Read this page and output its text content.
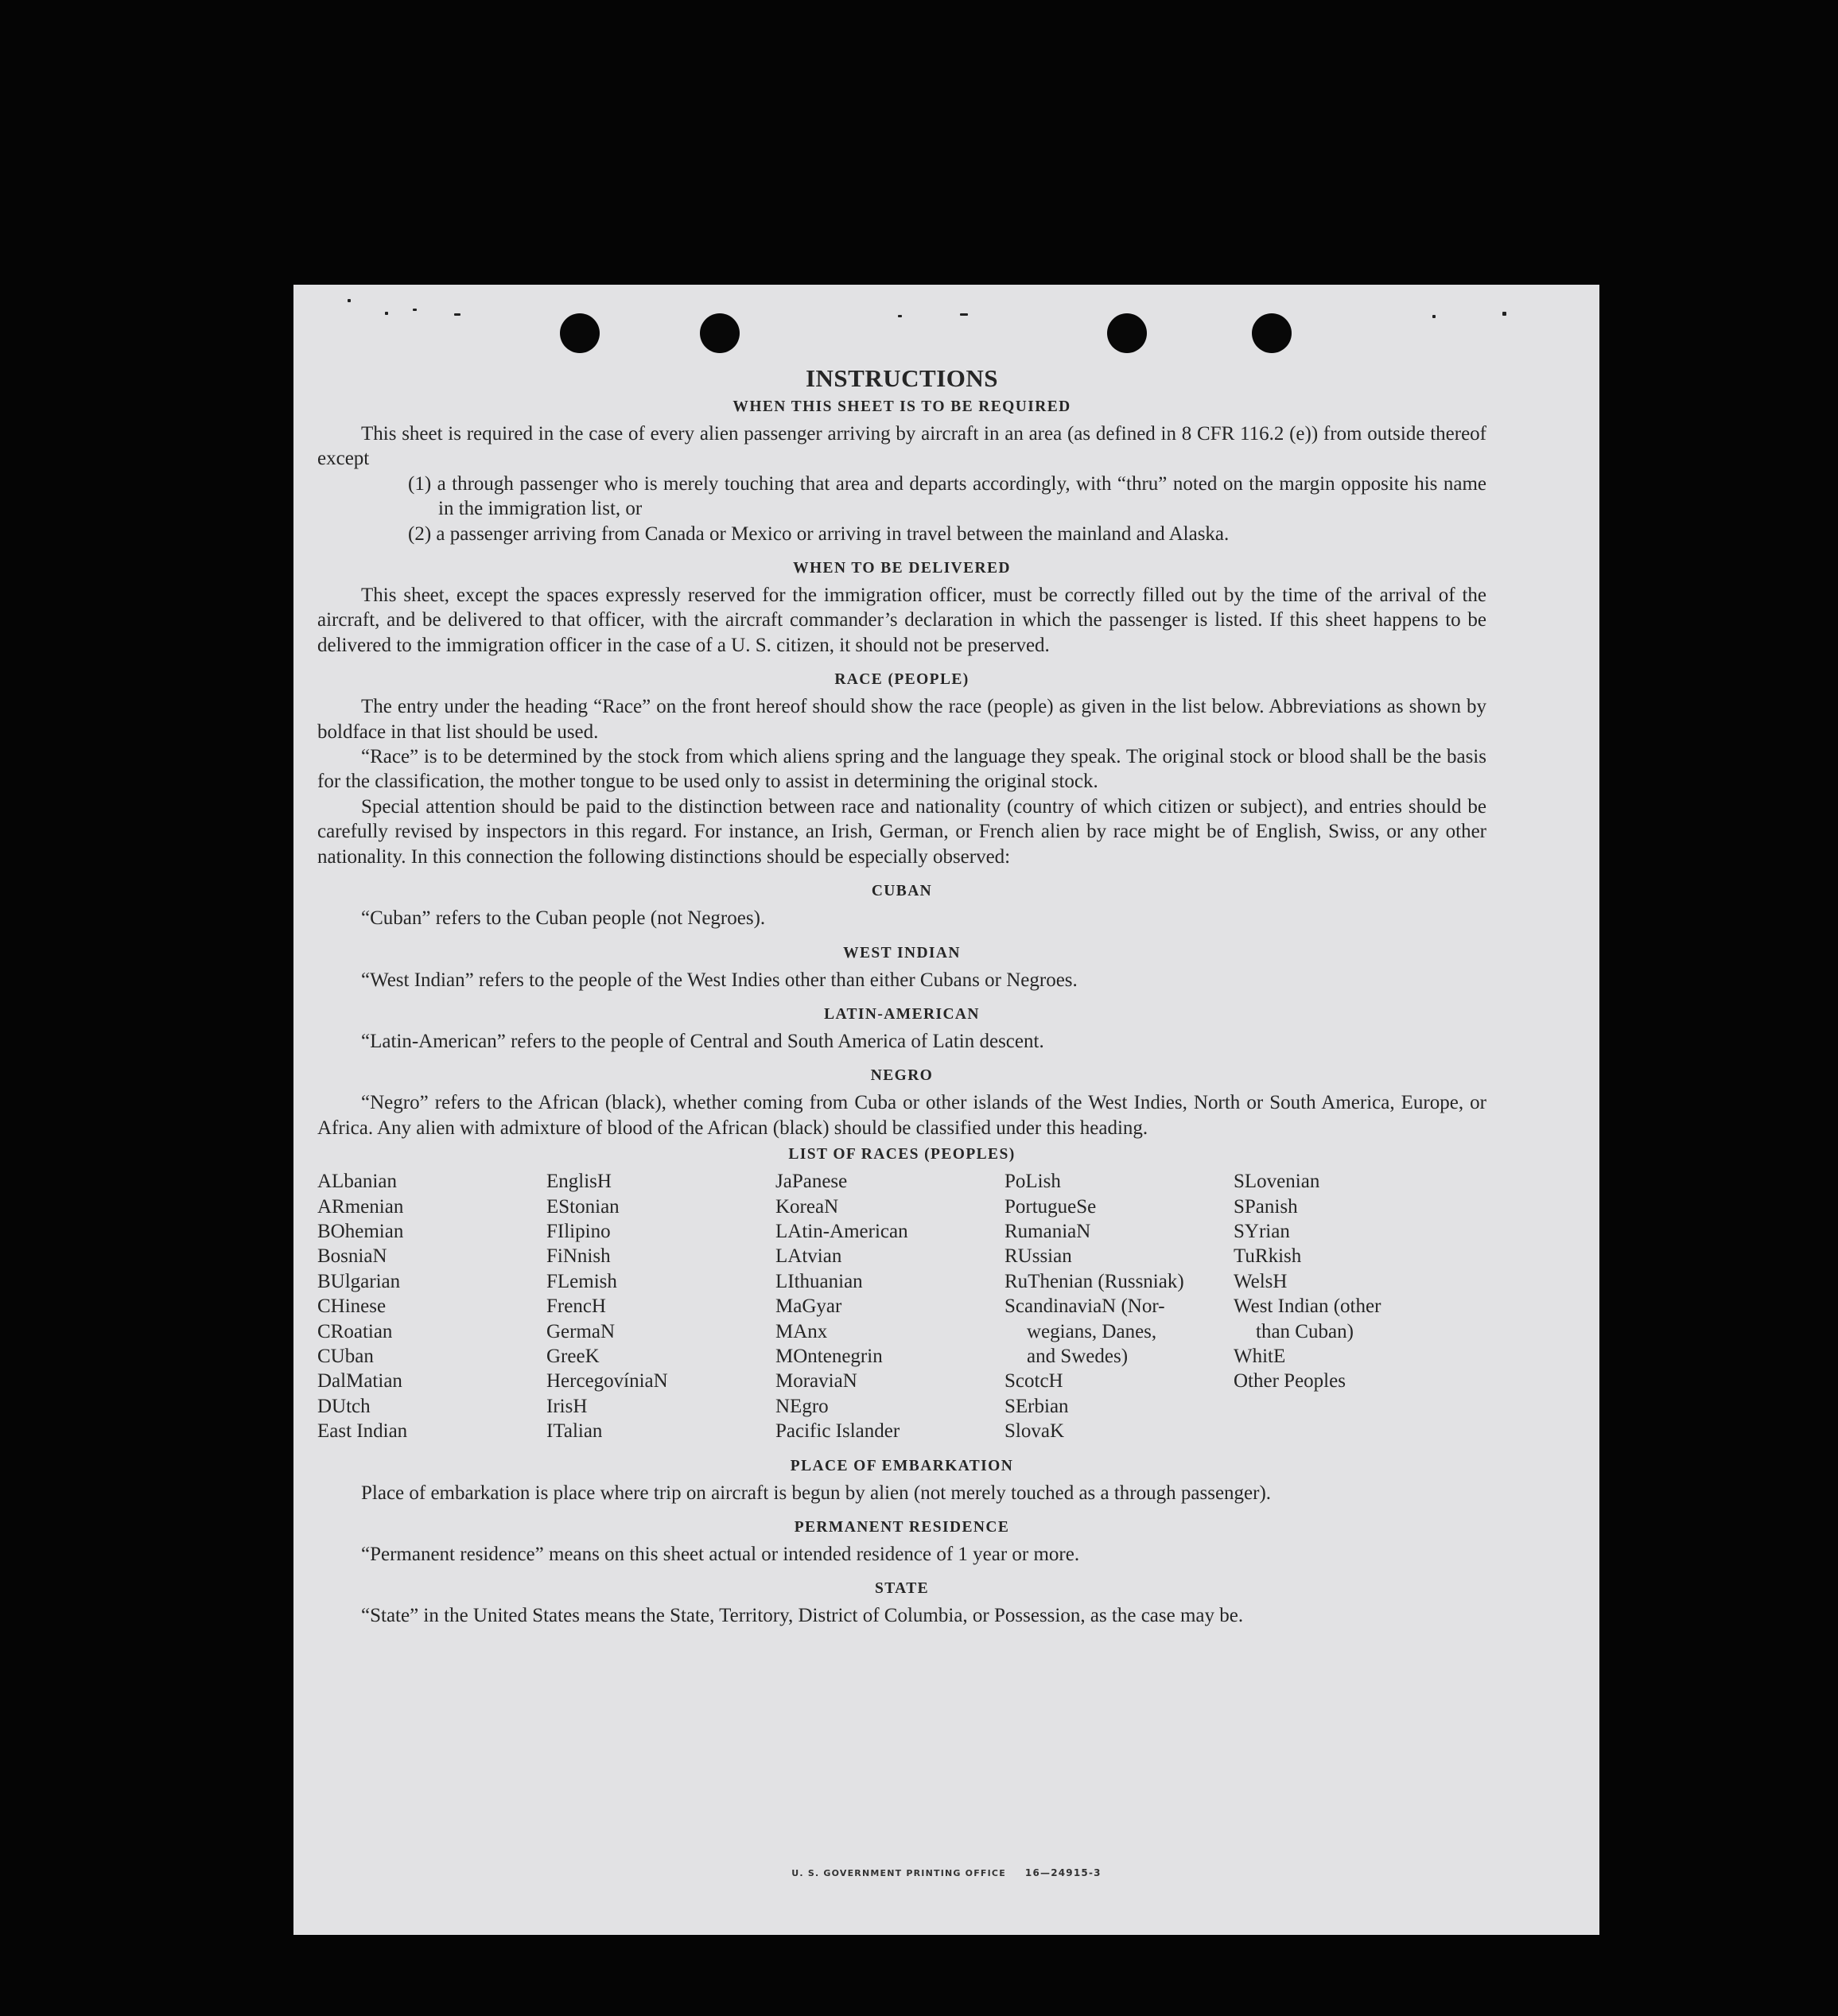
INSTRUCTIONS
WHEN THIS SHEET IS TO BE REQUIRED

This sheet is required in the case of every alien passenger arriving by aircraft in an area (as defined in 8 CFR 116.2 (e)) from outside thereof except

(1) a through passenger who is merely touching that area and departs accordingly, with “thru” noted on the margin opposite his name in the immigration list, or
(2) a passenger arriving from Canada or Mexico or arriving in travel between the mainland and Alaska.
WHEN TO BE DELIVERED

This sheet, except the spaces expressly reserved for the immigration officer, must be correctly filled out by the time of the arrival of the aircraft, and be delivered to that officer, with the aircraft commander’s declaration in which the passenger is listed. If this sheet happens to be delivered to the immigration officer in the case of a U. S. citizen, it should not be preserved.

RACE (PEOPLE)

The entry under the heading “Race” on the front hereof should show the race (people) as given in the list below. Abbreviations as shown by boldface in that list should be used.

“Race” is to be determined by the stock from which aliens spring and the language they speak. The original stock or blood shall be the basis for the classification, the mother tongue to be used only to assist in determining the original stock.

Special attention should be paid to the distinction between race and nationality (country of which citizen or subject), and entries should be carefully revised by inspectors in this regard. For instance, an Irish, German, or French alien by race might be of English, Swiss, or any other nationality. In this connection the following distinctions should be especially observed:

CUBAN

“Cuban” refers to the Cuban people (not Negroes).

WEST INDIAN

“West Indian” refers to the people of the West Indies other than either Cubans or Negroes.

LATIN-AMERICAN

“Latin-American” refers to the people of Central and South America of Latin descent.

NEGRO

“Negro” refers to the African (black), whether coming from Cuba or other islands of the West Indies, North or South America, Europe, or Africa. Any alien with admixture of blood of the African (black) should be classified under this heading.

LIST OF RACES (PEOPLES)
ALbanian
ARmenian
BOhemian
BosniaN
BUlgarian
CHinese
CRoatian
CUban
DalMatian
DUtch
East Indian
EnglisH
EStonian
FIlipino
FiNnish
FLemish
FrencH
GermaN
GreeK
HercegovíniaN
IrisH
ITalian
JaPanese
KoreaN
LAtin-American
LAtvian
LIthuanian
MaGyar
MAnx
MOntenegrin
MoraviaN
NEgro
Pacific Islander
PoLish
PortugueSe
RumaniaN
RUssian
RuThenian (Russniak)
ScandinaviaN (Nor-
wegians, Danes,
and Swedes)
ScotcH
SErbian
SlovaK
SLovenian
SPanish
SYrian
TuRkish
WelsH
West Indian (other
than Cuban)
WhitE
Other Peoples
PLACE OF EMBARKATION

Place of embarkation is place where trip on aircraft is begun by alien (not merely touched as a through passenger).

PERMANENT RESIDENCE

“Permanent residence” means on this sheet actual or intended residence of 1 year or more.

STATE

“State” in the United States means the State, Territory, District of Columbia, or Possession, as the case may be.

U. S. GOVERNMENT PRINTING OFFICE 16—24915-3
